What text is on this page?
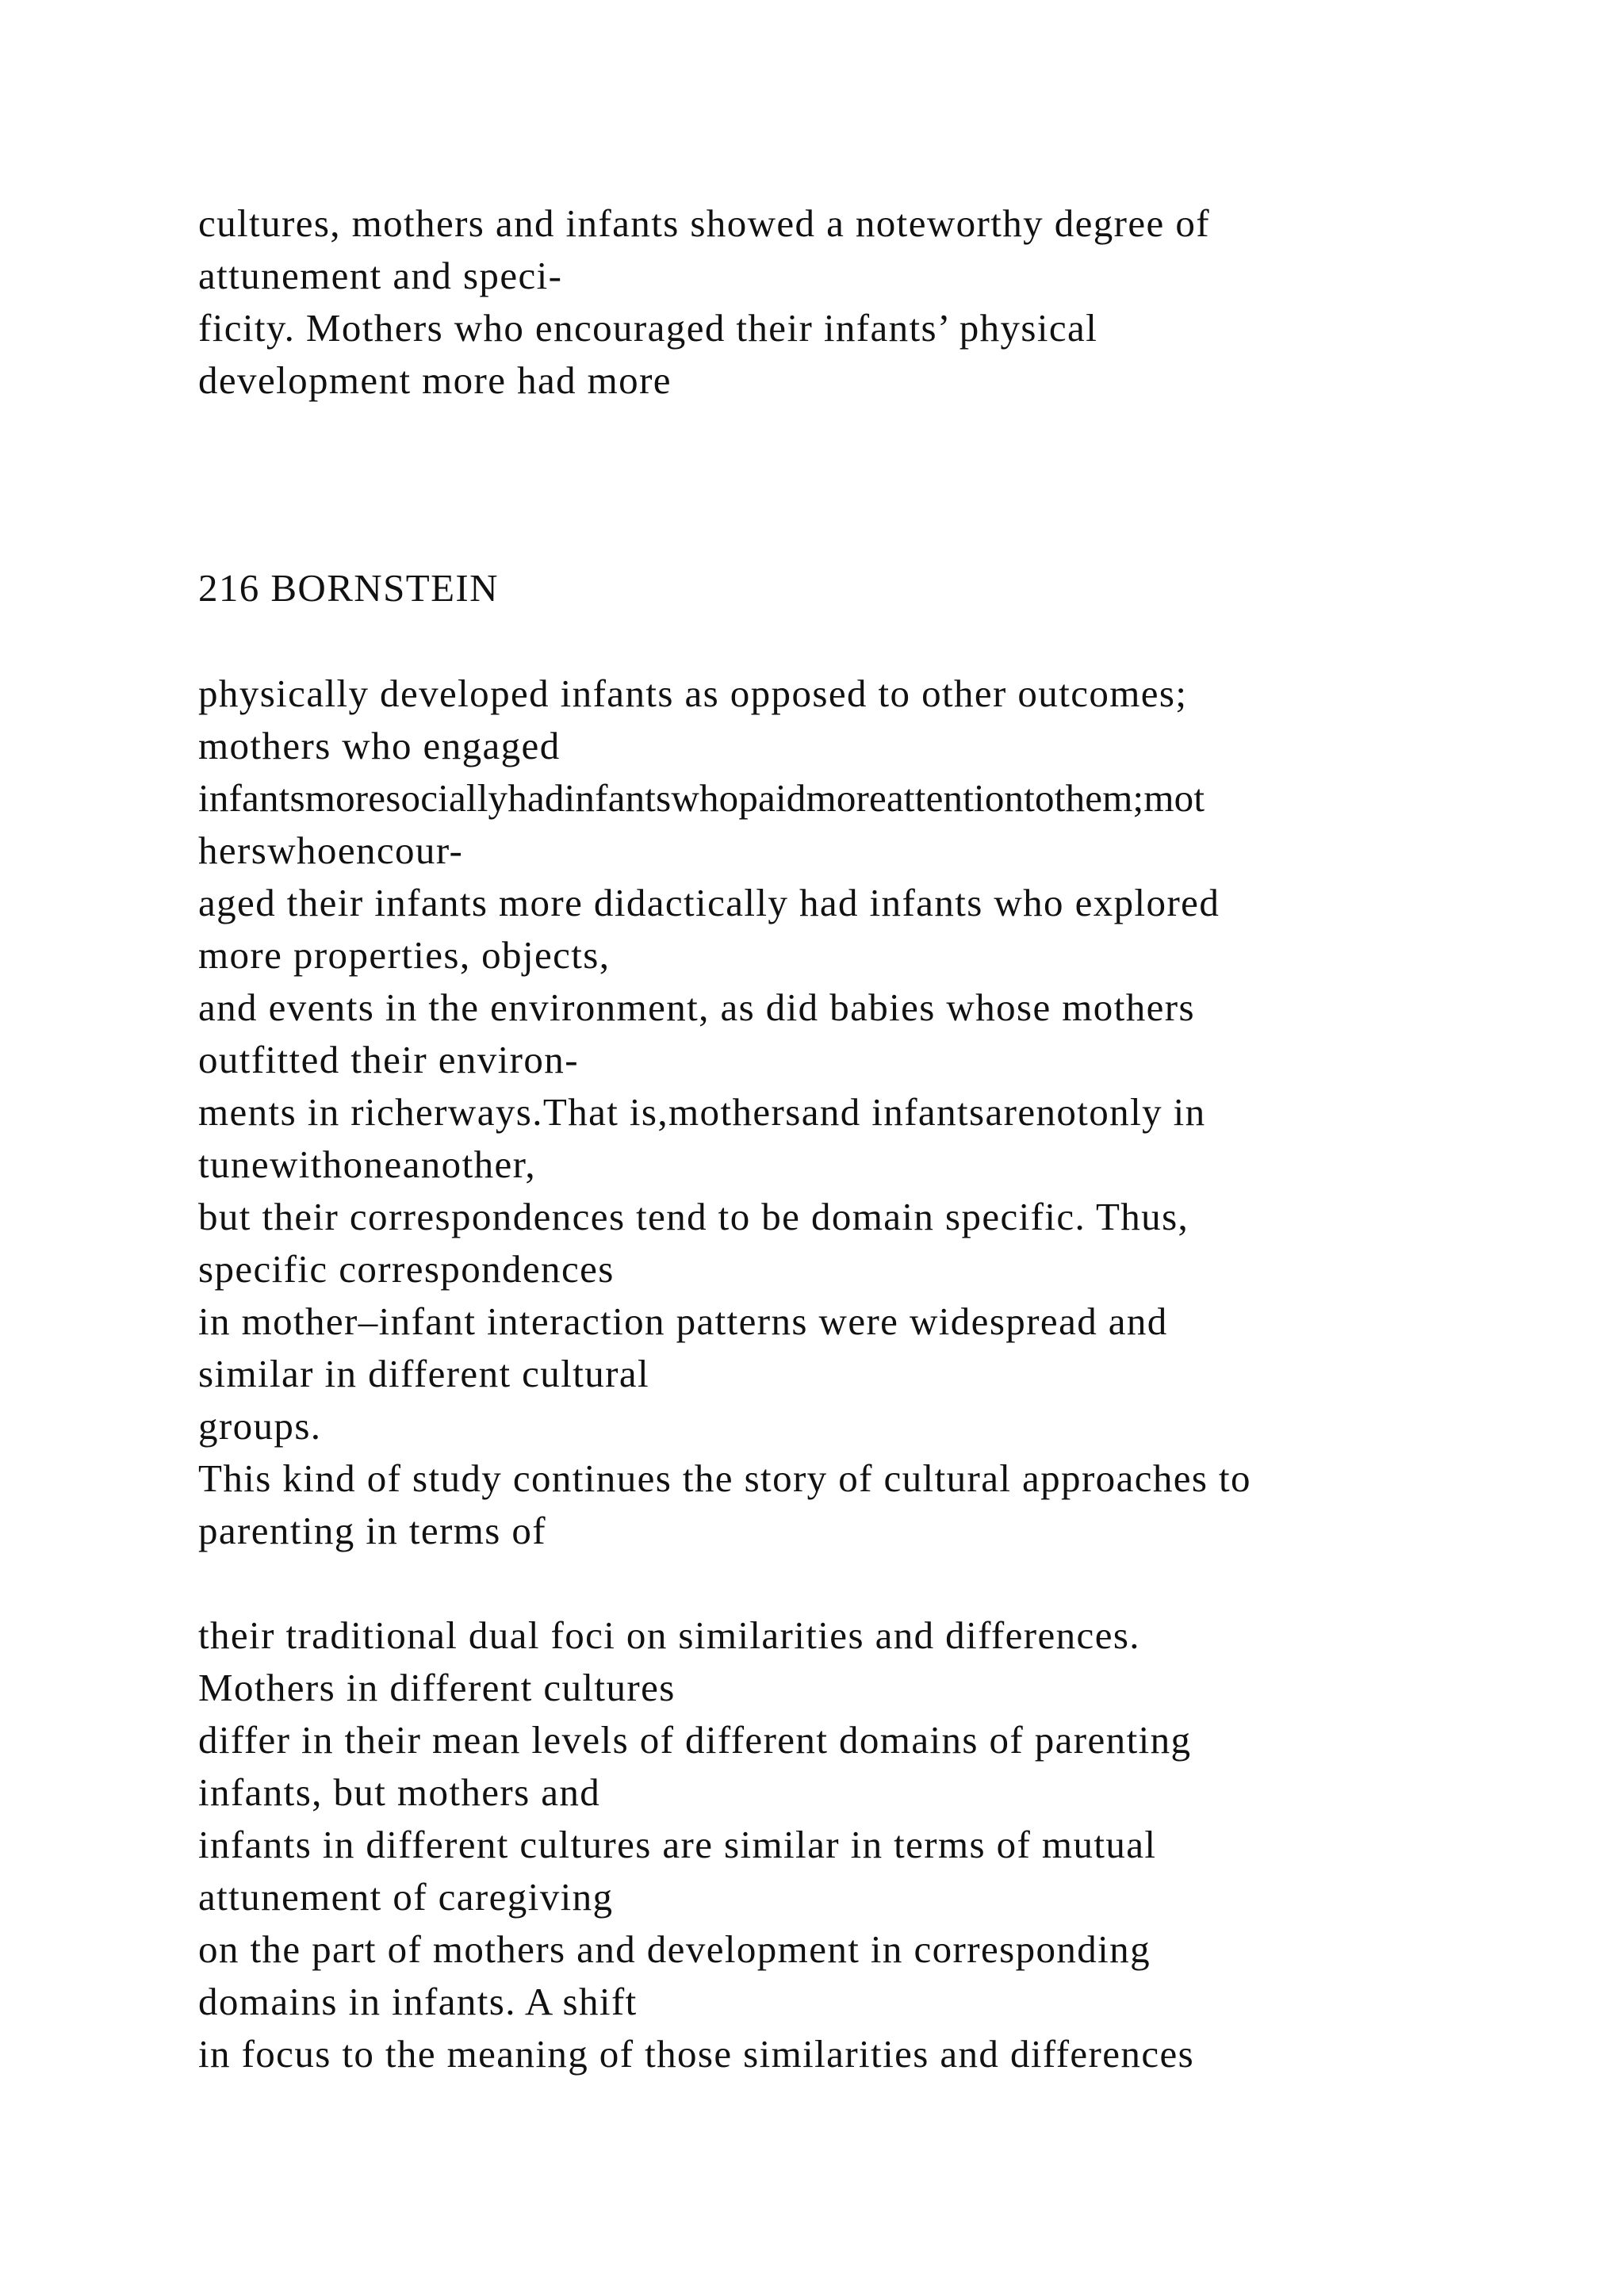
cultures, mothers and infants showed a noteworthy degree of
attunement and speci-
ficity. Mothers who encouraged their infants’ physical
development more had more
216 BORNSTEIN
physically developed infants as opposed to other outcomes;
mothers who engaged
infantsmoresociallyhadinfantswhopaidmoreattentiontothem;mot
herswhoencour-
aged their infants more didactically had infants who explored
more properties, objects,
and events in the environment, as did babies whose mothers
outfitted their environ-
ments in richerways.That is,mothersand infantsarenotonly in
tunewithoneanother,
but their correspondences tend to be domain specific. Thus,
specific correspondences
in mother–infant interaction patterns were widespread and
similar in different cultural
groups.
This kind of study continues the story of cultural approaches to
parenting in terms of
their traditional dual foci on similarities and differences.
Mothers in different cultures
differ in their mean levels of different domains of parenting
infants, but mothers and
infants in different cultures are similar in terms of mutual
attunement of caregiving
on the part of mothers and development in corresponding
domains in infants. A shift
in focus to the meaning of those similarities and differences
